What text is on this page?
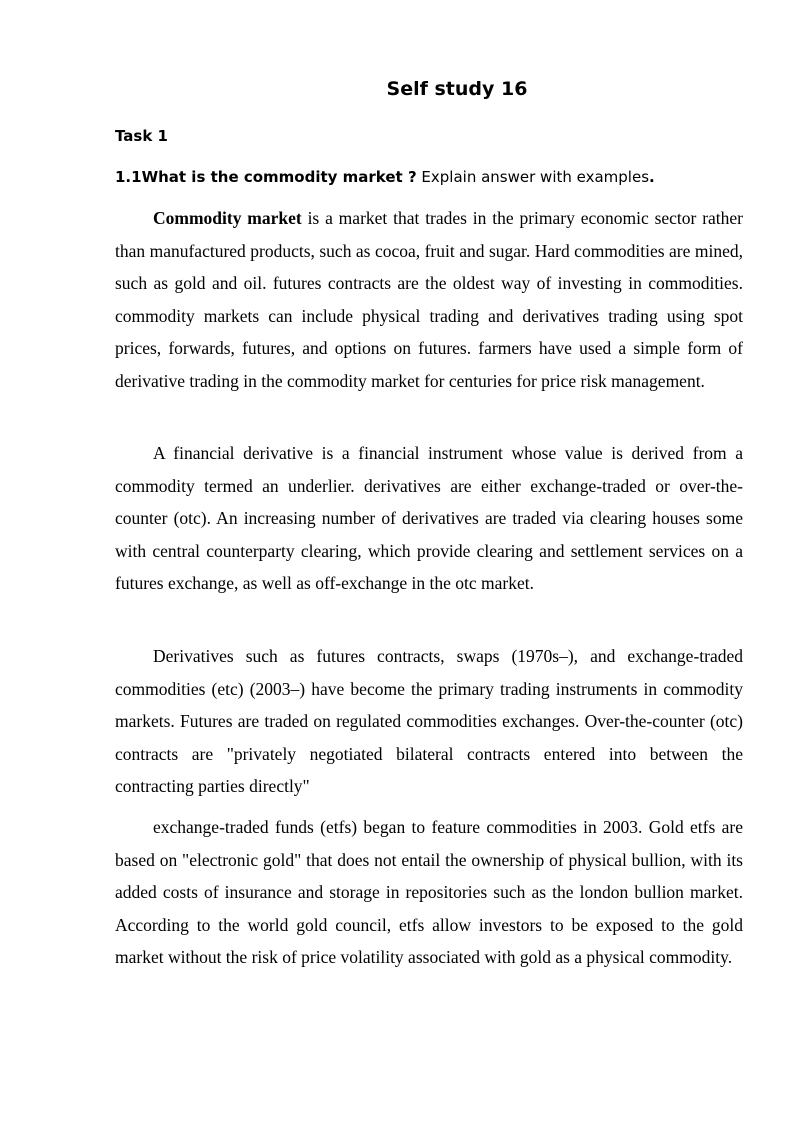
Self study 16
Task 1

1.1What is the commodity market ? Explain answer with examples.

Commodity market is a market that trades in the primary economic sector rather than manufactured products, such as cocoa, fruit and sugar. Hard commodities are mined, such as gold and oil. futures contracts are the oldest way of investing in commodities. commodity markets can include physical trading and derivatives trading using spot prices, forwards, futures, and options on futures. farmers have used a simple form of derivative trading in the commodity market for centuries for price risk management.

A financial derivative is a financial instrument whose value is derived from a commodity termed an underlier. derivatives are either exchange-traded or over-the-counter (otc). An increasing number of derivatives are traded via clearing houses some with central counterparty clearing, which provide clearing and settlement services on a futures exchange, as well as off-exchange in the otc market.

Derivatives such as futures contracts, swaps (1970s–), and exchange-traded commodities (etc) (2003–) have become the primary trading instruments in commodity markets. Futures are traded on regulated commodities exchanges. Over-the-counter (otc) contracts are "privately negotiated bilateral contracts entered into between the contracting parties directly"

exchange-traded funds (etfs) began to feature commodities in 2003. Gold etfs are based on "electronic gold" that does not entail the ownership of physical bullion, with its added costs of insurance and storage in repositories such as the london bullion market. According to the world gold council, etfs allow investors to be exposed to the gold market without the risk of price volatility associated with gold as a physical commodity.
